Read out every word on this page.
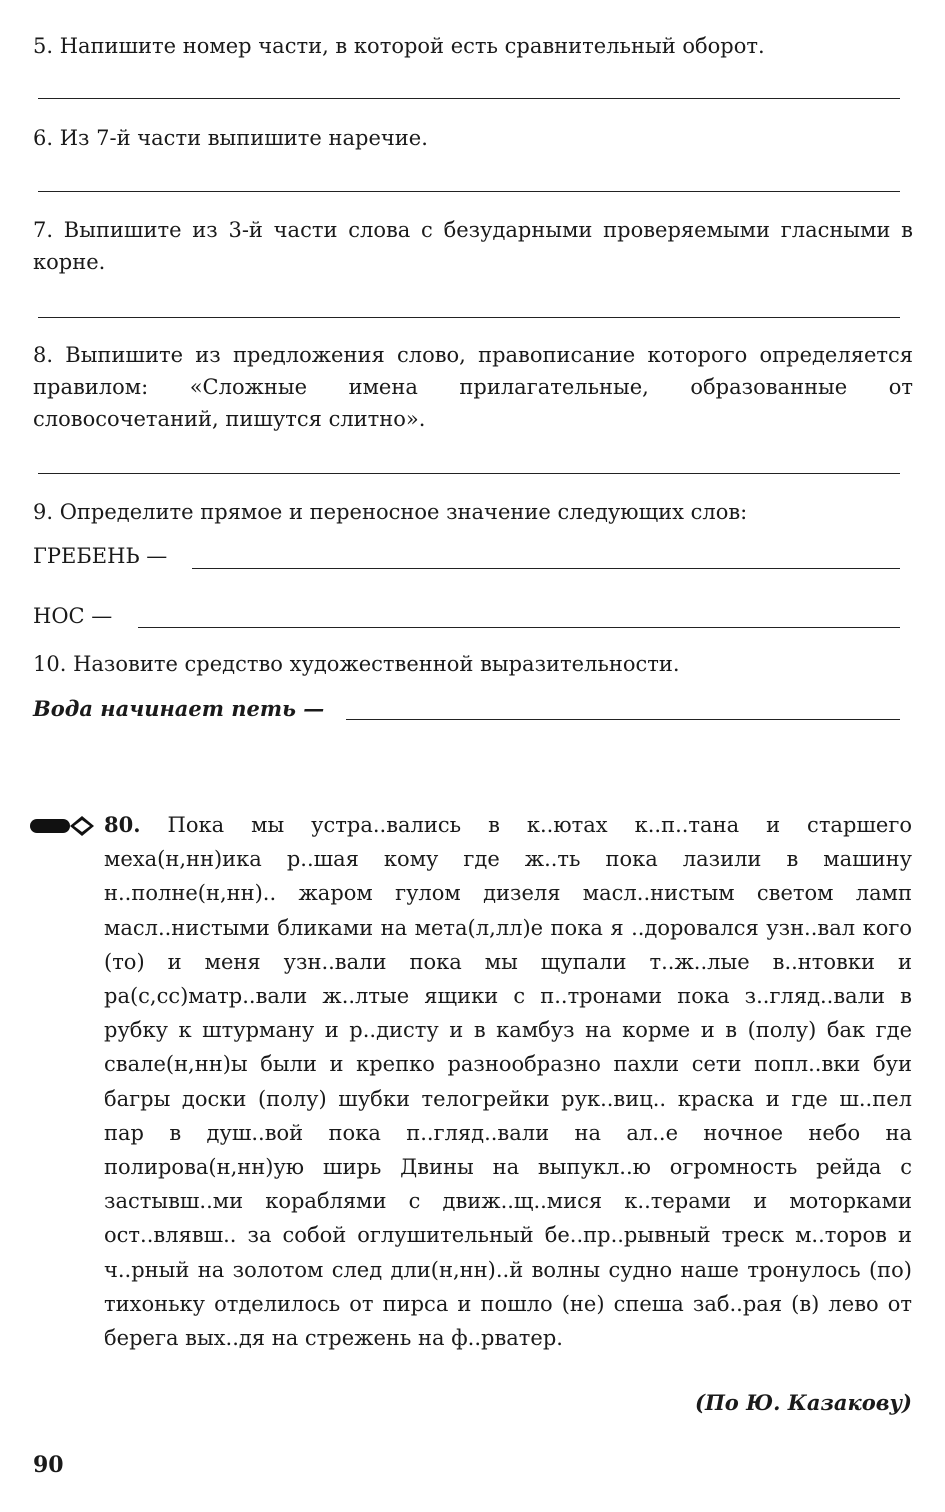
5. Напишите номер части, в которой есть сравнительный оборот.
6. Из 7-й части выпишите наречие.
7. Выпишите из 3-й части слова с безударными проверяемыми гласными в корне.
8. Выпишите из предложения слово, правописание которого определяется правилом: «Сложные имена прилагательные, образованные от словосочетаний, пишутся слитно».
9. Определите прямое и переносное значение следующих слов:
ГРЕБЕНЬ —
НОС —
10. Назовите средство художественной выразительности.
Вода начинает петь —
80. Пока мы устра..вались в к..ютах к..п..тана и старшего меха(н,нн)ика р..шая кому где ж..ть пока лазили в машину н..полне(н,нн).. жаром гулом дизеля масл..нистым светом ламп масл..нистыми бликами на мета(л,лл)е пока я ..доровался узн..вал кого (то) и меня узн..вали пока мы щупали т..ж..лые в..нтовки и ра(с,сс)матр..вали ж..лтые ящики с п..тронами пока з..гляд..вали в рубку к штурману и р..дисту и в камбуз на корме и в (полу) бак где свале(н,нн)ы были и крепко разнообразно пахли сети попл..вки буи багры доски (полу) шубки телогрейки рук..виц.. краска и где ш..пел пар в душ..вой пока п..гляд..вали на ал..е ночное небо на полирова(н,нн)ую ширь Двины на выпукл..ю огромность рейда с застывш..ми кораблями с движ..щ..мися к..терами и моторками ост..влявш.. за собой оглушительный бе..пр..рывный треск м..торов и ч..рный на золотом след дли(н,нн)..й волны судно наше тронулось (по) тихоньку отделилось от пирса и пошло (не) спеша заб..рая (в) лево от берега вых..дя на стрежень на ф..рватер.
(По Ю. Казакову)
90
